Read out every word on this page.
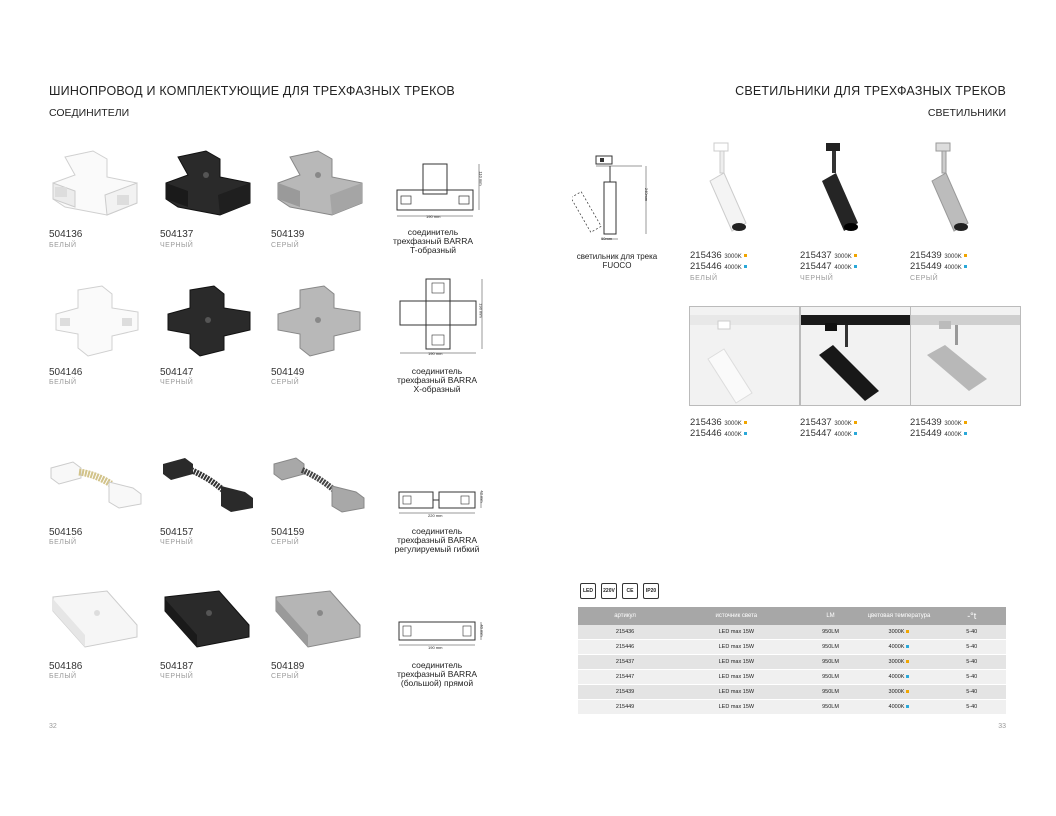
ШИНОПРОВОД И КОМПЛЕКТУЮЩИЕ ДЛЯ ТРЕХФАЗНЫХ ТРЕКОВ
СОЕДИНИТЕЛИ
190 mm
110 mm
504136
БЕЛЫЙ
504137
ЧЕРНЫЙ
504139
СЕРЫЙ
соединитель
трехфазный BARRA
T-образный
190 mm
190 mm
504146
БЕЛЫЙ
504147
ЧЕРНЫЙ
504149
СЕРЫЙ
соединитель
трехфазный BARRA
X-образный
220 mm
42 mm
504156
БЕЛЫЙ
504157
ЧЕРНЫЙ
504159
СЕРЫЙ
соединитель
трехфазный BARRA
регулируемый гибкий
190 mm
40 mm
504186
БЕЛЫЙ
504187
ЧЕРНЫЙ
504189
СЕРЫЙ
соединитель
трехфазный BARRA
(большой) прямой
32
СВЕТИЛЬНИКИ ДЛЯ ТРЕХФАЗНЫХ ТРЕКОВ
СВЕТИЛЬНИКИ
240mm
60mm
светильник для трека
FUOCO
215436 3000K
215446 4000K
БЕЛЫЙ
215437 3000K
215447 4000K
ЧЕРНЫЙ
215439 3000K
215449 4000K
СЕРЫЙ
215436 3000K
215446 4000K
215437 3000K
215447 4000K
215439 3000K
215449 4000K
LED	220V	CE	IP20
артикул	источник света	LM	цветовая температура	-°t
215436	LED max 15W	950LM	3000K	5-40
215446	LED max 15W	950LM	4000K	5-40
215437	LED max 15W	950LM	3000K	5-40
215447	LED max 15W	950LM	4000K	5-40
215439	LED max 15W	950LM	3000K	5-40
215449	LED max 15W	950LM	4000K	5-40
33
